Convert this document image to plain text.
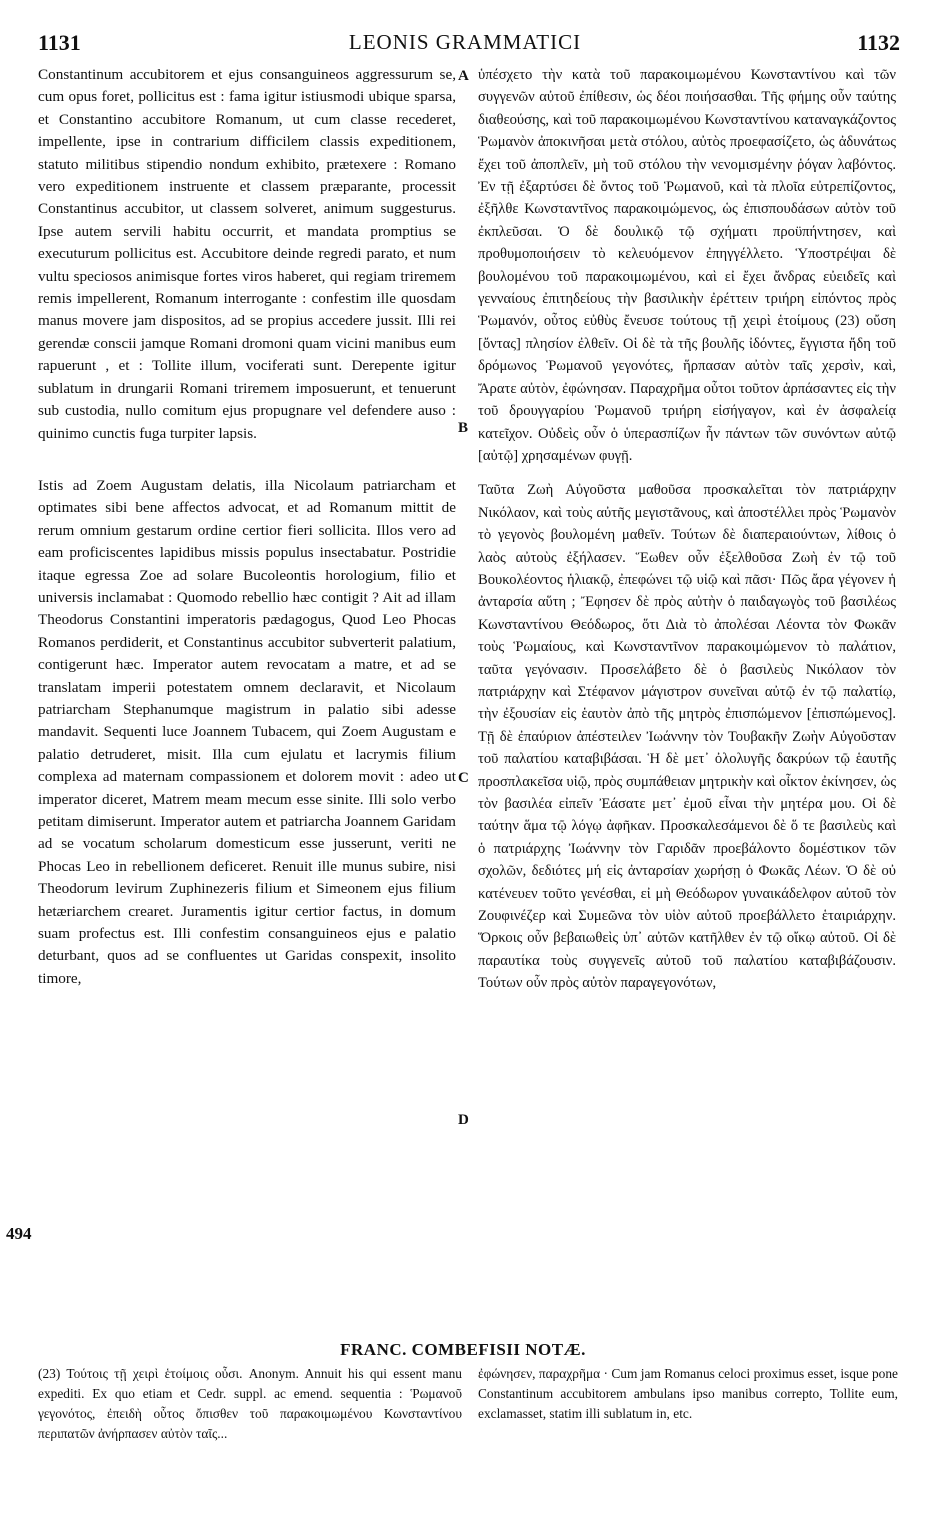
1131	LEONIS GRAMMATICI	1132

Constantinum accubitorem et ejus consanguineos aggressurum se, cum opus foret, pollicitus est : fama igitur istiusmodi ubique sparsa, et Constantino accubitore Romanum, ut cum classe recederet, impellente, ipse in contrarium difficilem classis expeditionem, statuto militibus stipendio nondum exhibito, prætexere : Romano vero expeditionem instruente et classem præparante, processit Constantinus accubitor, ut classem solveret, animum suggesturus. Ipse autem servili habitu occurrit, et mandata promptius se executurum pollicitus est. Accubitore deinde regredi parato, et num vultu speciosos animisque fortes viros haberet, qui regiam triremem remis impellerent, Romanum interrogante : confestim ille quosdam manus movere jam dispositos, ad se propius accedere jussit. Illi rei gerendæ conscii jamque Romani dromoni quam vicini manibus eum rapuerunt , et : Tollite illum, vociferati sunt. Derepente igitur sublatum in drungarii Romani triremem imposuerunt, et tenuerunt sub custodia, nullo comitum ejus propugnare vel defendere auso : quinimo cunctis fuga turpiter lapsis.

Istis ad Zoem Augustam delatis, illa Nicolaum patriarcham et optimates sibi bene affectos advocat, et ad Romanum mittit de rerum omnium gestarum ordine certior fieri sollicita. Illos vero ad eam proficiscentes lapidibus missis populus insectabatur. Postridie itaque egressa Zoe ad solare Bucoleontis horologium, filio et universis inclamabat : Quomodo rebellio hæc contigit ? Ait ad illam Theodorus Constantini imperatoris pædagogus, Quod Leo Phocas Romanos perdiderit, et Constantinus accubitor subverterit palatium, contigerunt hæc. Imperator autem revocatam a matre, et ad se translatam imperii potestatem omnem declaravit, et Nicolaum patriarcham Stephanumque magistrum in palatio sibi adesse mandavit. Sequenti luce Joannem Tubacem, qui Zoem Augustam e palatio detruderet, misit. Illa cum ejulatu et lacrymis filium complexa ad maternam compassionem et dolorem movit : adeo ut imperator diceret, Matrem meam mecum esse sinite. Illi solo verbo petitam dimiserunt. Imperator autem et patriarcha Joannem Garidam ad se vocatum scholarum domesticum esse jusserunt, veriti ne Phocas Leo in rebellionem deficeret. Renuit ille munus subire, nisi Theodorum levirum Zuphinezeris filium et Simeonem ejus filium hetæriarchem crearet. Juramentis igitur certior factus, in domum suam profectus est. Illi confestim consanguineos ejus e palatio deturbant, quos ad se confluentes ut Garidas conspexit, insolito timore,

A
B
C
D
494

ὑπέσχετο τὴν κατὰ τοῦ παρακοιμωμένου Κωνσταντίνου καὶ τῶν συγγενῶν αὐτοῦ ἐπίθεσιν, ὡς δέοι ποιήσασθαι. Τῆς φήμης οὖν ταύτης διαθεούσης, καὶ τοῦ παρακοιμωμένου Κωνσταντίνου καταναγκάζοντος Ῥωμανὸν ἀποκινῆσαι μετὰ στόλου, αὐτὸς προεφασίζετο, ὡς ἀδυνάτως ἔχει τοῦ ἀποπλεῖν, μὴ τοῦ στόλου τὴν νενομισμένην ῥόγαν λαβόντος. Ἐν τῇ ἐξαρτύσει δὲ ὄντος τοῦ Ῥωμανοῦ, καὶ τὰ πλοῖα εὐτρεπίζοντος, ἐξῆλθε Κωνσταντῖνος παρακοιμώμενος, ὡς ἐπισπουδάσων αὐτὸν τοῦ ἐκπλεῦσαι. Ὁ δὲ δουλικῷ τῷ σχήματι προϋπήντησεν, καὶ προθυμοποιήσειν τὸ κελευόμενον ἐπηγγέλλετο. Ὑποστρέψαι δὲ βουλομένου τοῦ παρακοιμωμένου, καὶ εἰ ἔχει ἄνδρας εὐειδεῖς καὶ γενναίους ἐπιτηδείους τὴν βασιλικὴν ἐρέττειν τριήρη εἰπόντος πρὸς Ῥωμανόν, οὗτος εὐθὺς ἔνευσε τούτους τῇ χειρὶ ἑτοίμους (23) οὔση [ὄντας] πλησίον ἐλθεῖν. Οἱ δὲ τὰ τῆς βουλῆς ἰδόντες, ἔγγιστα ἤδη τοῦ δρόμωνος Ῥωμανοῦ γεγονότες, ἥρπασαν αὐτὸν ταῖς χερσὶν, καὶ, Ἄρατε αὐτὸν, ἐφώνησαν. Παραχρῆμα οὗτοι τοῦτον ἁρπάσαντες εἰς τὴν τοῦ δρουγγαρίου Ῥωμανοῦ τριήρη εἰσήγαγον, καὶ ἐν ἀσφαλείᾳ κατεῖχον. Οὐδεὶς οὖν ὁ ὑπερασπίζων ἦν πάντων τῶν συνόντων αὐτῷ [αὐτῷ] χρησαμένων φυγῇ.

Ταῦτα Ζωὴ Αὐγοῦστα μαθοῦσα προσκαλεῖται τὸν πατριάρχην Νικόλαον, καὶ τοὺς αὐτῆς μεγιστᾶνους, καὶ ἀποστέλλει πρὸς Ῥωμανὸν τὸ γεγονὸς βουλομένη μαθεῖν. Τούτων δὲ διαπεραιούντων, λίθοις ὁ λαὸς αὐτοὺς ἐξήλασεν. Ἕωθεν οὖν ἐξελθοῦσα Ζωὴ ἐν τῷ τοῦ Βουκολέοντος ἡλιακῷ, ἐπεφώνει τῷ υἱῷ καὶ πᾶσι· Πῶς ἄρα γέγονεν ἡ ἀνταρσία αὕτη ; Ἔφησεν δὲ πρὸς αὐτὴν ὁ παιδαγωγὸς τοῦ βασιλέως Κωνσταντίνου Θεόδωρος, ὅτι Διὰ τὸ ἀπολέσαι Λέοντα τὸν Φωκᾶν τοὺς Ῥωμαίους, καὶ Κωνσταντῖνον παρακοιμώμενον τὸ παλάτιον, ταῦτα γεγόνασιν. Προσελάβετο δὲ ὁ βασιλεὺς Νικόλαον τὸν πατριάρχην καὶ Στέφανον μάγιστρον συνεῖναι αὐτῷ ἐν τῷ παλατίῳ, τὴν ἐξουσίαν εἰς ἑαυτὸν ἀπὸ τῆς μητρὸς ἐπισπώμενον [ἐπισπώμενος]. Τῇ δὲ ἐπαύριον ἀπέστειλεν Ἰωάννην τὸν Τουβακῆν Ζωὴν Αὐγοῦσταν τοῦ παλατίου καταβιβάσαι. Ἡ δὲ μετ᾽ ὀλολυγῆς δακρύων τῷ ἑαυτῆς προσπλακεῖσα υἱῷ, πρὸς συμπάθειαν μητρικὴν καὶ οἶκτον ἐκίνησεν, ὡς τὸν βασιλέα εἰπεῖν Ἐάσατε μετ᾽ ἐμοῦ εἶναι τὴν μητέρα μου. Οἱ δὲ ταύτην ἅμα τῷ λόγῳ ἀφῆκαν. Προσκαλεσάμενοι δὲ ὅ τε βασιλεὺς καὶ ὁ πατριάρχης Ἰωάννην τὸν Γαριδᾶν προεβάλοντο δομέστικον τῶν σχολῶν, δεδιότες μή εἰς ἀνταρσίαν χωρήσῃ ὁ Φωκᾶς Λέων. Ὁ δὲ οὐ κατένευεν τοῦτο γενέσθαι, εἰ μὴ Θεόδωρον γυναικάδελφον αὐτοῦ τὸν Ζουφινέζερ καὶ Συμεῶνα τὸν υἱὸν αὐτοῦ προεβάλλετο ἑταιριάρχην. Ὅρκοις οὖν βεβαιωθεὶς ὑπ᾽ αὐτῶν κατῆλθεν ἐν τῷ οἴκῳ αὐτοῦ. Οἱ δὲ παραυτίκα τοὺς συγγενεῖς αὐτοῦ τοῦ παλατίου καταβιβάζουσιν. Τούτων οὖν πρὸς αὐτὸν παραγεγονότων,

FRANC. COMBEFISII NOTÆ.

(23) Τούτοις τῇ χειρὶ ἑτοίμοις οὖσι. Anonym. Annuit his qui essent manu expediti. Ex quo etiam et Cedr. suppl. ac emend. sequentia : Ῥωμανοῦ γεγονότος, ἐπειδὴ οὗτος ὄπισθεν τοῦ παρακοιμωμένου Κωνσταντίνου περιπατῶν ἀνήρπασεν αὐτὸν ταῖς...

ἐφώνησεν, παραχρῆμα · Cum jam Romanus celoci proximus esset, isque pone Constantinum accubitorem ambulans ipso manibus correpto, Tollite eum, exclamasset, statim illi sublatum in, etc.
